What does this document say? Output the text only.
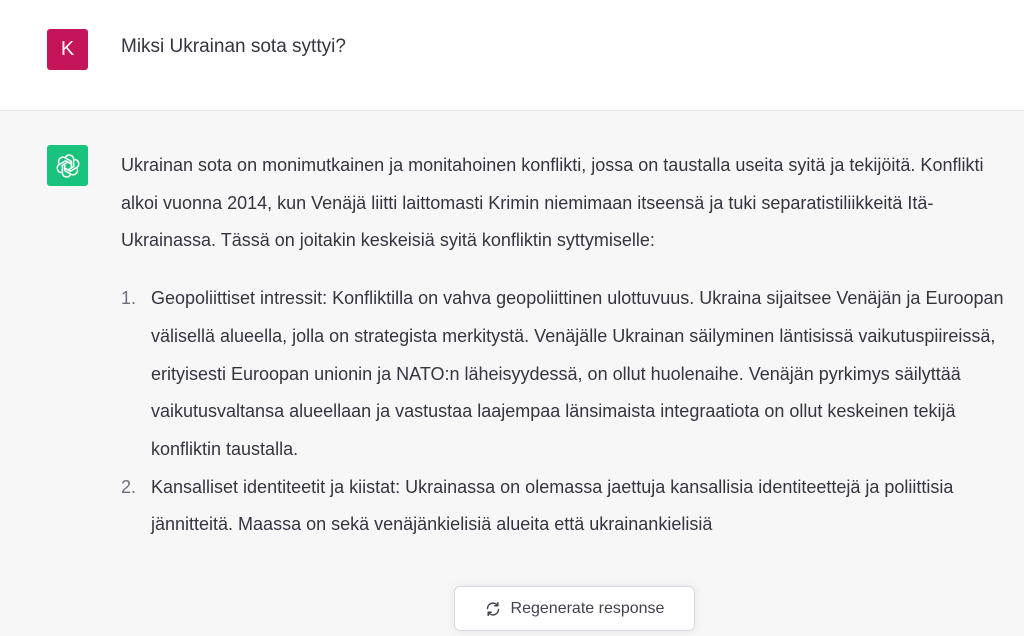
K	Miksi Ukrainan sota syttyi?

Ukrainan sota on monimutkainen ja monitahoinen konflikti, jossa on taustalla useita syitä ja tekijöitä. Konflikti alkoi vuonna 2014, kun Venäjä liitti laittomasti Krimin niemimaan itseensä ja tuki separatistiliikkeitä Itä-Ukrainassa. Tässä on joitakin keskeisiä syitä konfliktin syttymiselle:

1. Geopoliittiset intressit: Konfliktilla on vahva geopoliittinen ulottuvuus. Ukraina sijaitsee Venäjän ja Euroopan välisellä alueella, jolla on strategista merkitystä. Venäjälle Ukrainan säilyminen läntisissä vaikutuspiireissä, erityisesti Euroopan unionin ja NATO:n läheisyydessä, on ollut huolenaihe. Venäjän pyrkimys säilyttää vaikutusvaltansa alueellaan ja vastustaa laajempaa länsimaista integraatiota on ollut keskeinen tekijä konfliktin taustalla.
2. Kansalliset identiteetit ja kiistat: Ukrainassa on olemassa jaettuja kansallisia identiteettejä ja poliittisia jännitteitä. Maassa on sekä venäjänkielisiä alueita että ukrainankielisiä
Regenerate response
